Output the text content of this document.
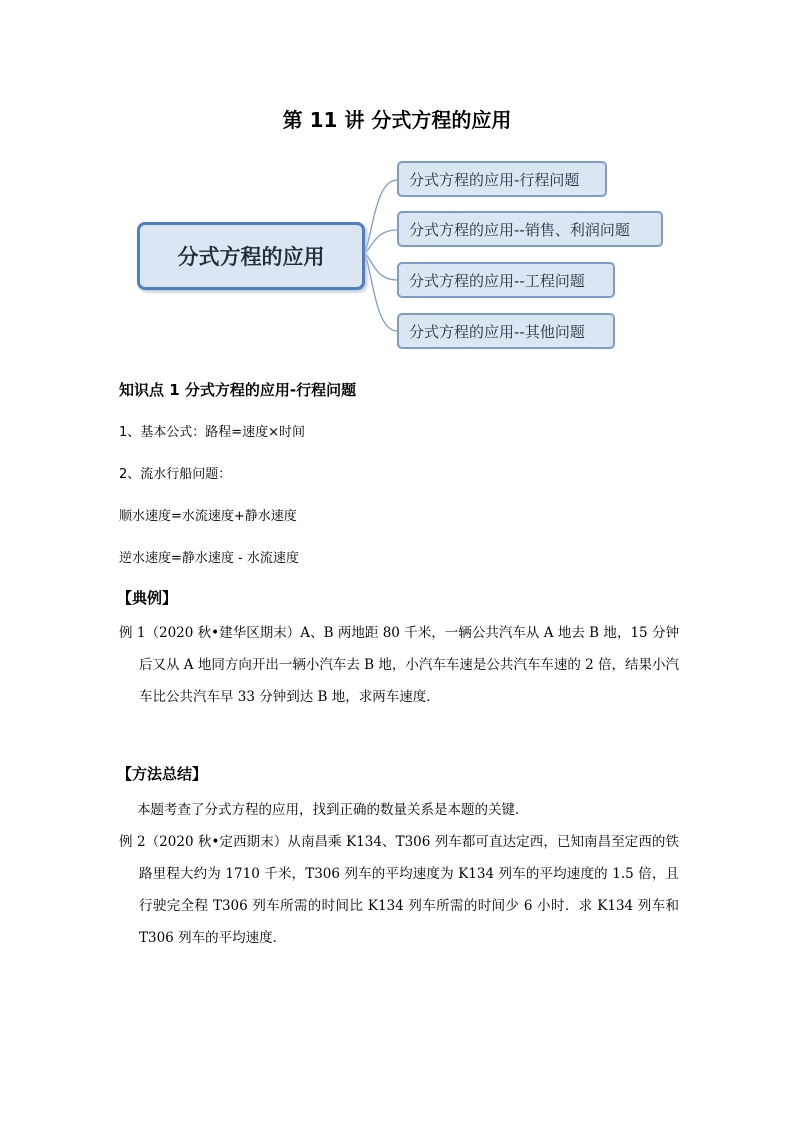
第 11 讲 分式方程的应用
分式方程的应用
分式方程的应用-行程问题
分式方程的应用--销售、利润问题
分式方程的应用--工程问题
分式方程的应用--其他问题
知识点 1 分式方程的应用-行程问题
1、基本公式：路程=速度×时间
2、流水行船问题：
顺水速度=水流速度+静水速度
逆水速度=静水速度 - 水流速度
【典例】
例 1（2020 秋•建华区期末）A、B 两地距 80 千米，一辆公共汽车从 A 地去 B 地，15 分钟后又从 A 地同方向开出一辆小汽车去 B 地，小汽车车速是公共汽车车速的 2 倍，结果小汽车比公共汽车早 33 分钟到达 B 地，求两车速度．
【方法总结】
本题考查了分式方程的应用，找到正确的数量关系是本题的关键．
例 2（2020 秋•定西期末）从南昌乘 K134、T306 列车都可直达定西，已知南昌至定西的铁路里程大约为 1710 千米，T306 列车的平均速度为 K134 列车的平均速度的 1.5 倍，且行驶完全程 T306 列车所需的时间比 K134 列车所需的时间少 6 小时．求 K134 列车和 T306 列车的平均速度．
